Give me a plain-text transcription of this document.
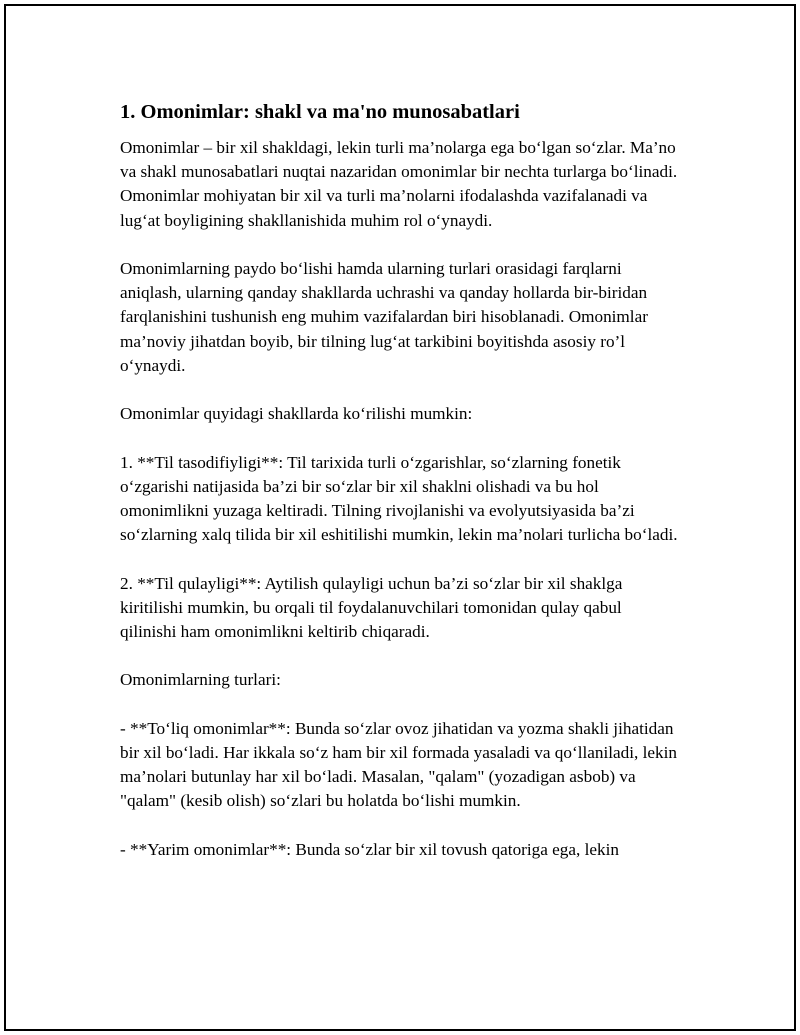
1. Omonimlar: shakl va ma'no munosabatlari

Omonimlar – bir xil shakldagi, lekin turli ma’nolarga ega bo‘lgan so‘zlar. Ma’no va shakl munosabatlari nuqtai nazaridan omonimlar bir nechta turlarga bo‘linadi. Omonimlar mohiyatan bir xil va turli ma’nolarni ifodalashda vazifalanadi va lug‘at boyligining shakllanishida muhim rol o‘ynaydi.

Omonimlarning paydo bo‘lishi hamda ularning turlari orasidagi farqlarni aniqlash, ularning qanday shakllarda uchrashi va qanday hollarda bir-biridan farqlanishini tushunish eng muhim vazifalardan biri hisoblanadi. Omonimlar ma’noviy jihatdan boyib, bir tilning lug‘at tarkibini boyitishda asosiy ro’l o‘ynaydi.

Omonimlar quyidagi shakllarda ko‘rilishi mumkin:

1. **Til tasodifiyligi**: Til tarixida turli o‘zgarishlar, so‘zlarning fonetik o‘zgarishi natijasida ba’zi bir so‘zlar bir xil shaklni olishadi va bu hol omonimlikni yuzaga keltiradi. Tilning rivojlanishi va evolyutsiyasida ba’zi so‘zlarning xalq tilida bir xil eshitilishi mumkin, lekin ma’nolari turlicha bo‘ladi.

2. **Til qulayligi**: Aytilish qulayligi uchun ba’zi so‘zlar bir xil shaklga kiritilishi mumkin, bu orqali til foydalanuvchilari tomonidan qulay qabul qilinishi ham omonimlikni keltirib chiqaradi.

Omonimlarning turlari:

- **To‘liq omonimlar**: Bunda so‘zlar ovoz jihatidan va yozma shakli jihatidan bir xil bo‘ladi. Har ikkala so‘z ham bir xil formada yasaladi va qo‘llaniladi, lekin ma’nolari butunlay har xil bo‘ladi. Masalan, "qalam" (yozadigan asbob) va "qalam" (kesib olish) so‘zlari bu holatda bo‘lishi mumkin.

- **Yarim omonimlar**: Bunda so‘zlar bir xil tovush qatoriga ega, lekin
